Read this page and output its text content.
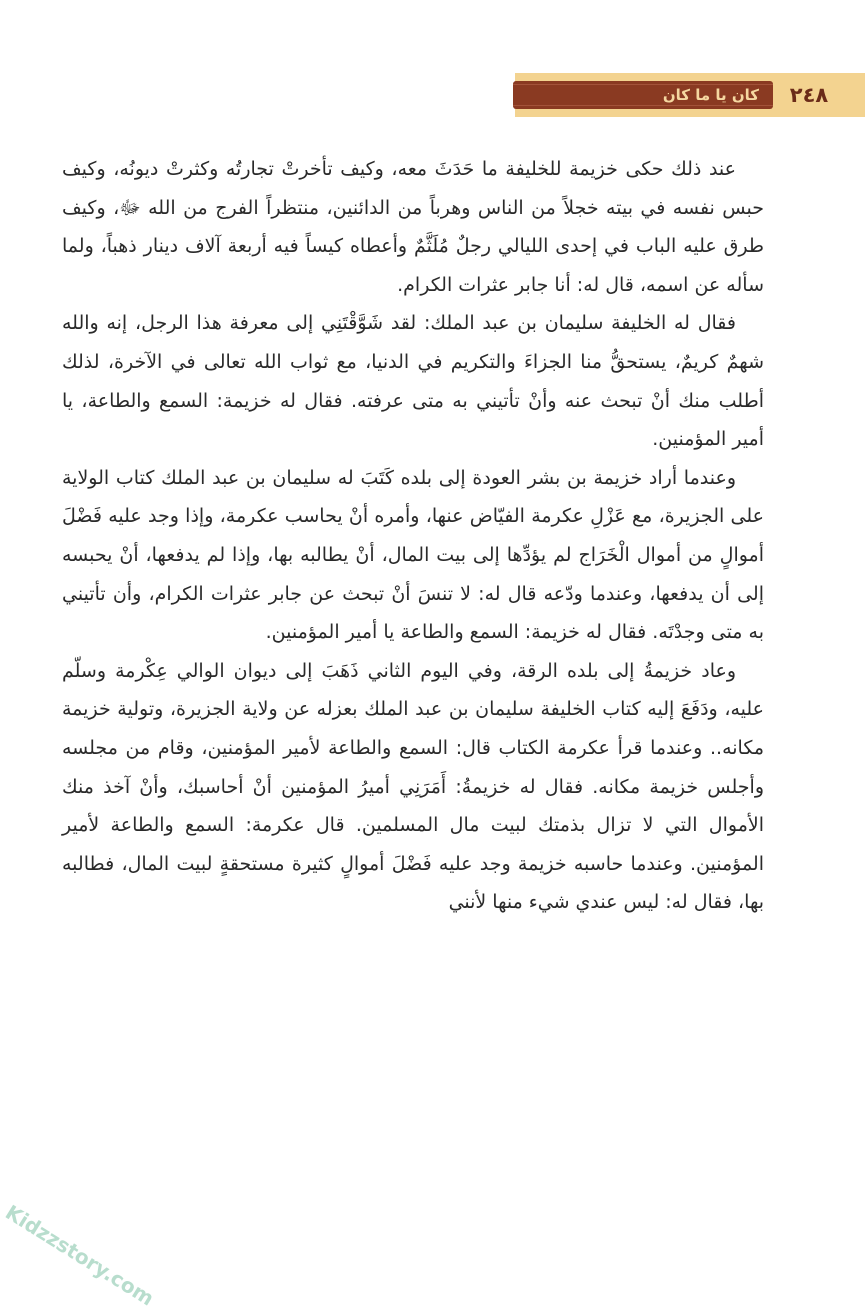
كان يا ما كان	٢٤٨

عند ذلك حكى خزيمة للخليفة ما حَدَثَ معه، وكيف تأخرتْ تجارتُه وكثرتْ ديونُه، وكيف حبس نفسه في بيته خجلاً من الناس وهرباً من الدائنين، منتظراً الفرج من الله ﷻ، وكيف طرق عليه الباب في إحدى الليالي رجلٌ مُلَثَّمٌ وأعطاه كيساً فيه أربعة آلاف دينار ذهباً، ولما سأله عن اسمه، قال له: أنا جابر عثرات الكرام.

فقال له الخليفة سليمان بن عبد الملك: لقد شَوَّقْتَنِي إلى معرفة هذا الرجل، إنه والله شهمٌ كريمٌ، يستحقُّ منا الجزاءَ والتكريم في الدنيا، مع ثواب الله تعالى في الآخرة، لذلك أطلب منك أنْ تبحث عنه وأنْ تأتيني به متى عرفته. فقال له خزيمة: السمع والطاعة، يا أمير المؤمنين.

وعندما أراد خزيمة بن بشر العودة إلى بلده كَتَبَ له سليمان بن عبد الملك كتاب الولاية على الجزيرة، مع عَزْلِ عكرمة الفيّاض عنها، وأمره أنْ يحاسب عكرمة، وإذا وجد عليه فَضْلَ أموالٍ من أموال الْخَرَاج لم يؤدِّها إلى بيت المال، أنْ يطالبه بها، وإذا لم يدفعها، أنْ يحبسه إلى أن يدفعها، وعندما ودّعه قال له: لا تنسَ أنْ تبحث عن جابر عثرات الكرام، وأن تأتيني به متى وجدْتَه. فقال له خزيمة: السمع والطاعة يا أمير المؤمنين.

وعاد خزيمةُ إلى بلده الرقة، وفي اليوم الثاني ذَهَبَ إلى ديوان الوالي عِكْرمة وسلّم عليه، ودَفَعَ إليه كتاب الخليفة سليمان بن عبد الملك بعزله عن ولاية الجزيرة، وتولية خزيمة مكانه.. وعندما قرأ عكرمة الكتاب قال: السمع والطاعة لأمير المؤمنين، وقام من مجلسه وأجلس خزيمة مكانه. فقال له خزيمةُ: أَمَرَنِي أميرُ المؤمنين أنْ أحاسبك، وأنْ آخذ منك الأموال التي لا تزال بذمتك لبيت مال المسلمين. قال عكرمة: السمع والطاعة لأمير المؤمنين. وعندما حاسبه خزيمة وجد عليه فَضْلَ أموالٍ كثيرة مستحقةٍ لبيت المال، فطالبه بها، فقال له: ليس عندي شيء منها لأنني

Kidzzstory.com
